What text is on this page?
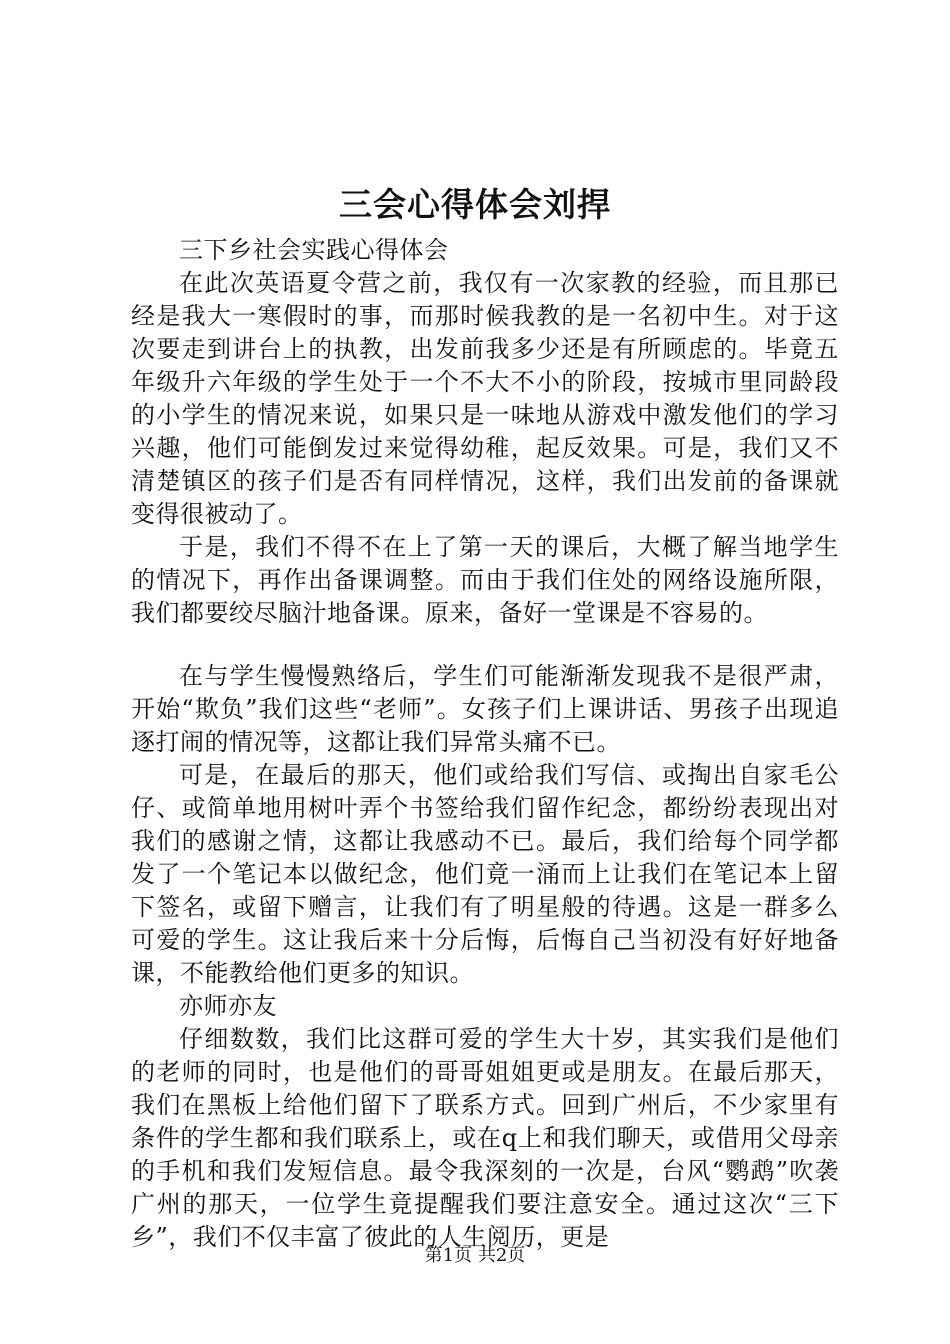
三会心得体会刘捍

三下乡社会实践心得体会

在此次英语夏令营之前，我仅有一次家教的经验，而且那已经是我大一寒假时的事，而那时候我教的是一名初中生。对于这次要走到讲台上的执教，出发前我多少还是有所顾虑的。毕竟五年级升六年级的学生处于一个不大不小的阶段，按城市里同龄段的小学生的情况来说，如果只是一味地从游戏中激发他们的学习兴趣，他们可能倒发过来觉得幼稚，起反效果。可是，我们又不清楚镇区的孩子们是否有同样情况，这样，我们出发前的备课就变得很被动了。

于是，我们不得不在上了第一天的课后，大概了解当地学生的情况下，再作出备课调整。而由于我们住处的网络设施所限，我们都要绞尽脑汁地备课。原来，备好一堂课是不容易的。

在与学生慢慢熟络后，学生们可能渐渐发现我不是很严肃，开始“欺负”我们这些“老师”。女孩子们上课讲话、男孩子出现追逐打闹的情况等，这都让我们异常头痛不已。

可是，在最后的那天，他们或给我们写信、或掏出自家毛公仔、或简单地用树叶弄个书签给我们留作纪念，都纷纷表现出对我们的感谢之情，这都让我感动不已。最后，我们给每个同学都发了一个笔记本以做纪念，他们竟一涌而上让我们在笔记本上留下签名，或留下赠言，让我们有了明星般的待遇。这是一群多么可爱的学生。这让我后来十分后悔，后悔自己当初没有好好地备课，不能教给他们更多的知识。

亦师亦友

仔细数数，我们比这群可爱的学生大十岁，其实我们是他们的老师的同时，也是他们的哥哥姐姐更或是朋友。在最后那天，我们在黑板上给他们留下了联系方式。回到广州后，不少家里有条件的学生都和我们联系上，或在q上和我们聊天，或借用父母亲的手机和我们发短信息。最令我深刻的一次是，台风“鹦鹉”吹袭广州的那天，一位学生竟提醒我们要注意安全。通过这次“三下乡”，我们不仅丰富了彼此的人生阅历，更是

第1页 共2页
